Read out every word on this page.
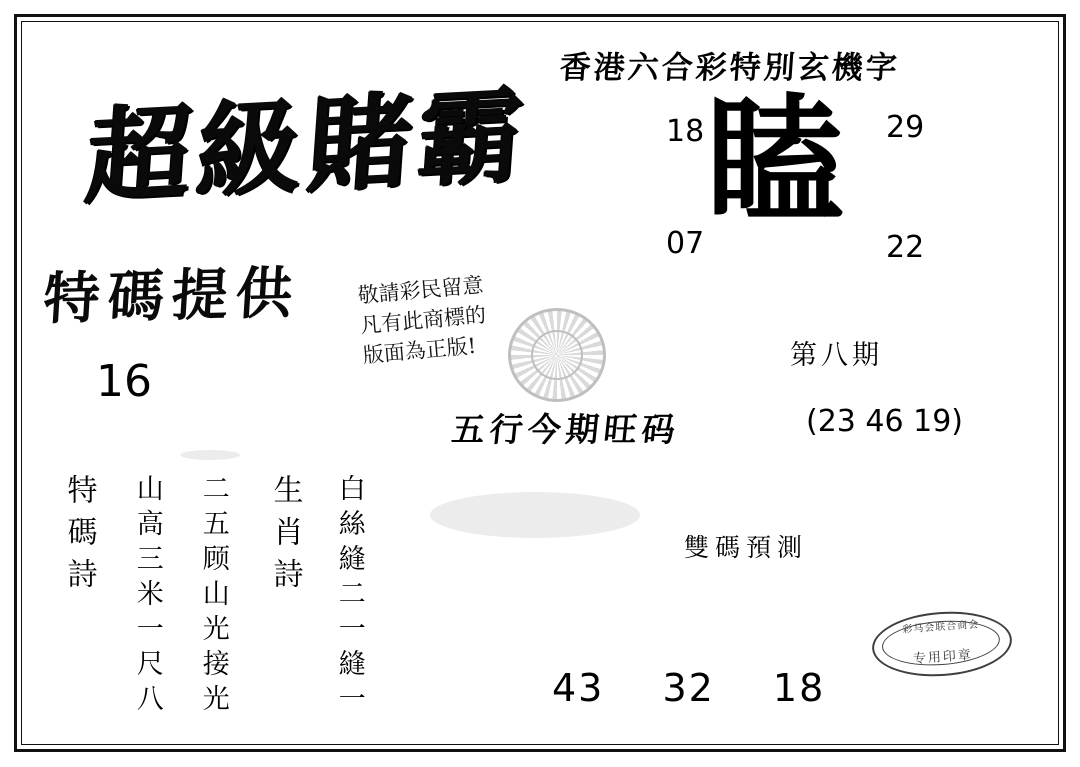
香港六合彩特別玄機字
18	29
07	22
瞌
超級賭霸
特碼提供	敬請彩民留意
凡有此商標的
版面為正版!
16
第八期
五行今期旺码	(23 46 19)
雙碼預測
43 32 18
彩马会联合商会
专用印章
特碼詩 山高三米一尺八 二五顾山光接光 生肖詩 白絲縫二一縫一
